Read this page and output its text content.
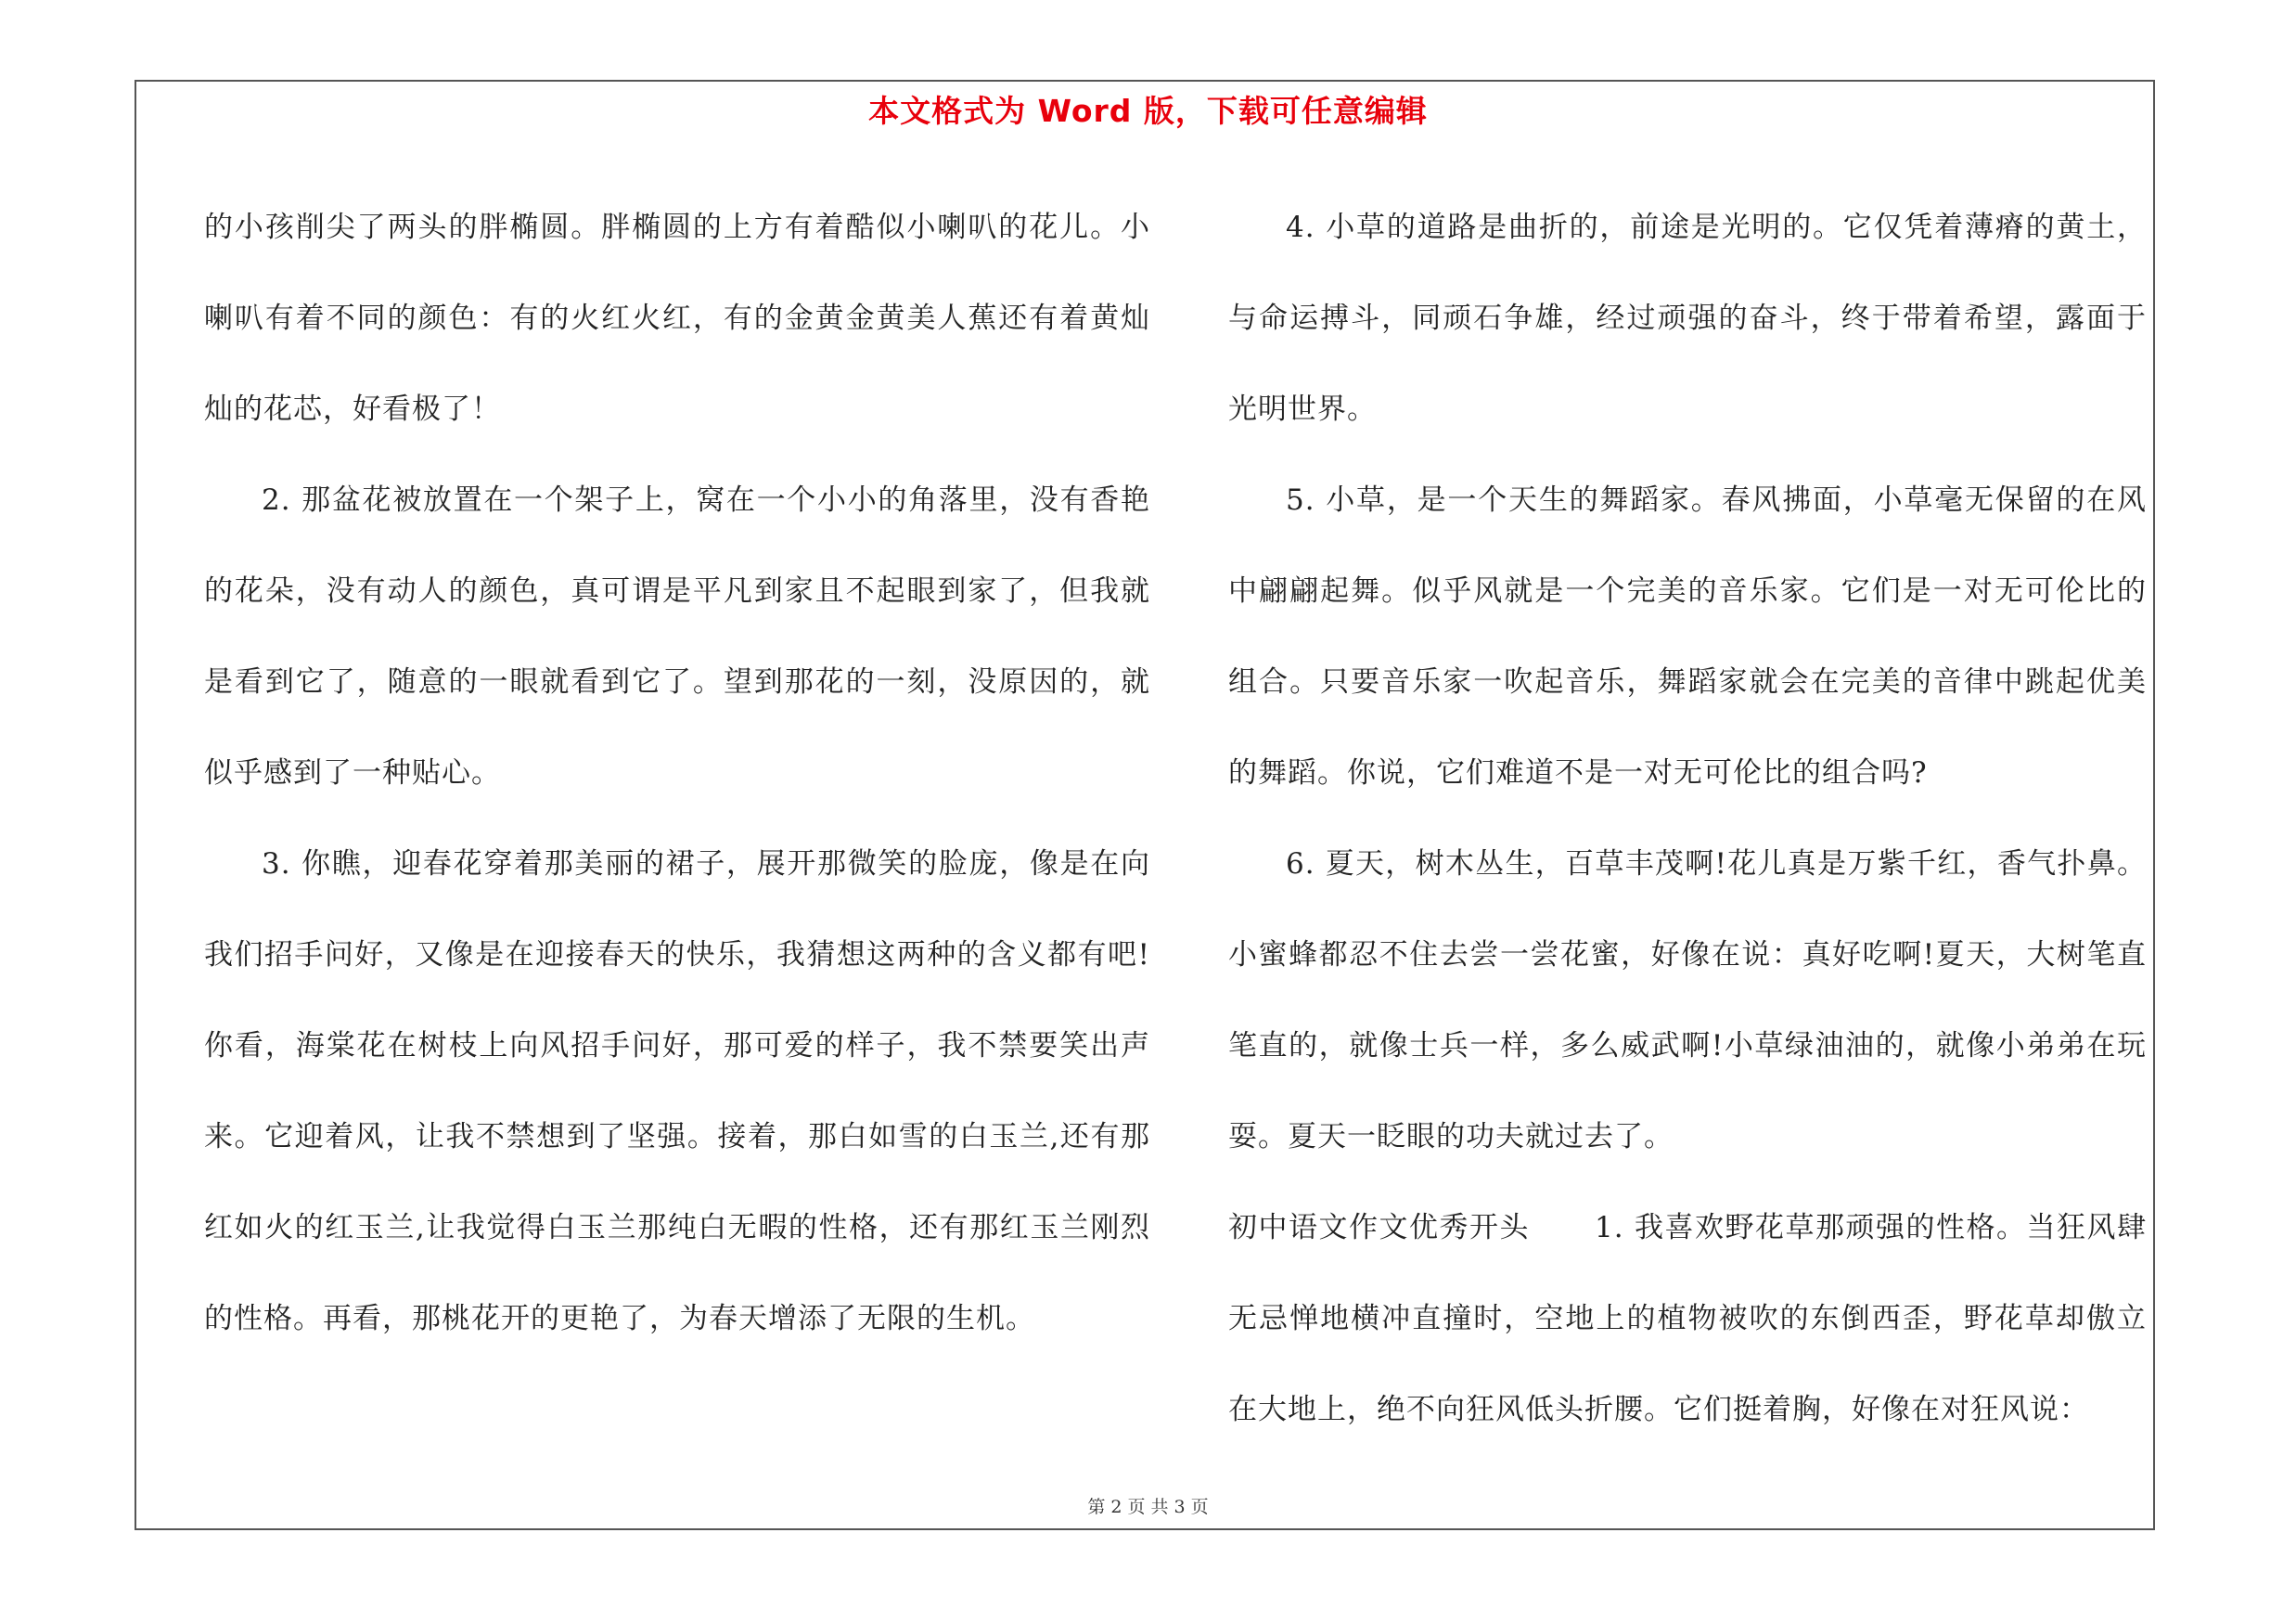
本文格式为 Word 版，下载可任意编辑

的小孩削尖了两头的胖椭圆。胖椭圆的上方有着酷似小喇叭的花儿。小喇叭有着不同的颜色：有的火红火红，有的金黄金黄美人蕉还有着黄灿灿的花芯，好看极了！

2. 那盆花被放置在一个架子上，窝在一个小小的角落里，没有香艳的花朵，没有动人的颜色，真可谓是平凡到家且不起眼到家了，但我就是看到它了，随意的一眼就看到它了。望到那花的一刻，没原因的，就似乎感到了一种贴心。

3. 你瞧，迎春花穿着那美丽的裙子，展开那微笑的脸庞，像是在向我们招手问好，又像是在迎接春天的快乐，我猜想这两种的含义都有吧!你看，海棠花在树枝上向风招手问好，那可爱的样子，我不禁要笑出声来。它迎着风，让我不禁想到了坚强。接着，那白如雪的白玉兰,还有那红如火的红玉兰,让我觉得白玉兰那纯白无暇的性格，还有那红玉兰刚烈的性格。再看，那桃花开的更艳了，为春天增添了无限的生机。

4. 小草的道路是曲折的，前途是光明的。它仅凭着薄瘠的黄土，与命运搏斗，同顽石争雄，经过顽强的奋斗，终于带着希望，露面于光明世界。

5. 小草，是一个天生的舞蹈家。春风拂面，小草毫无保留的在风中翩翩起舞。似乎风就是一个完美的音乐家。它们是一对无可伦比的组合。只要音乐家一吹起音乐，舞蹈家就会在完美的音律中跳起优美的舞蹈。你说，它们难道不是一对无可伦比的组合吗?

6. 夏天，树木丛生，百草丰茂啊!花儿真是万紫千红，香气扑鼻。小蜜蜂都忍不住去尝一尝花蜜，好像在说：真好吃啊!夏天，大树笔直笔直的，就像士兵一样，多么威武啊!小草绿油油的，就像小弟弟在玩耍。夏天一眨眼的功夫就过去了。

初中语文作文优秀开头 1. 我喜欢野花草那顽强的性格。当狂风肆无忌惮地横冲直撞时，空地上的植物被吹的东倒西歪，野花草却傲立在大地上，绝不向狂风低头折腰。它们挺着胸，好像在对狂风说：

第 2 页 共 3 页
